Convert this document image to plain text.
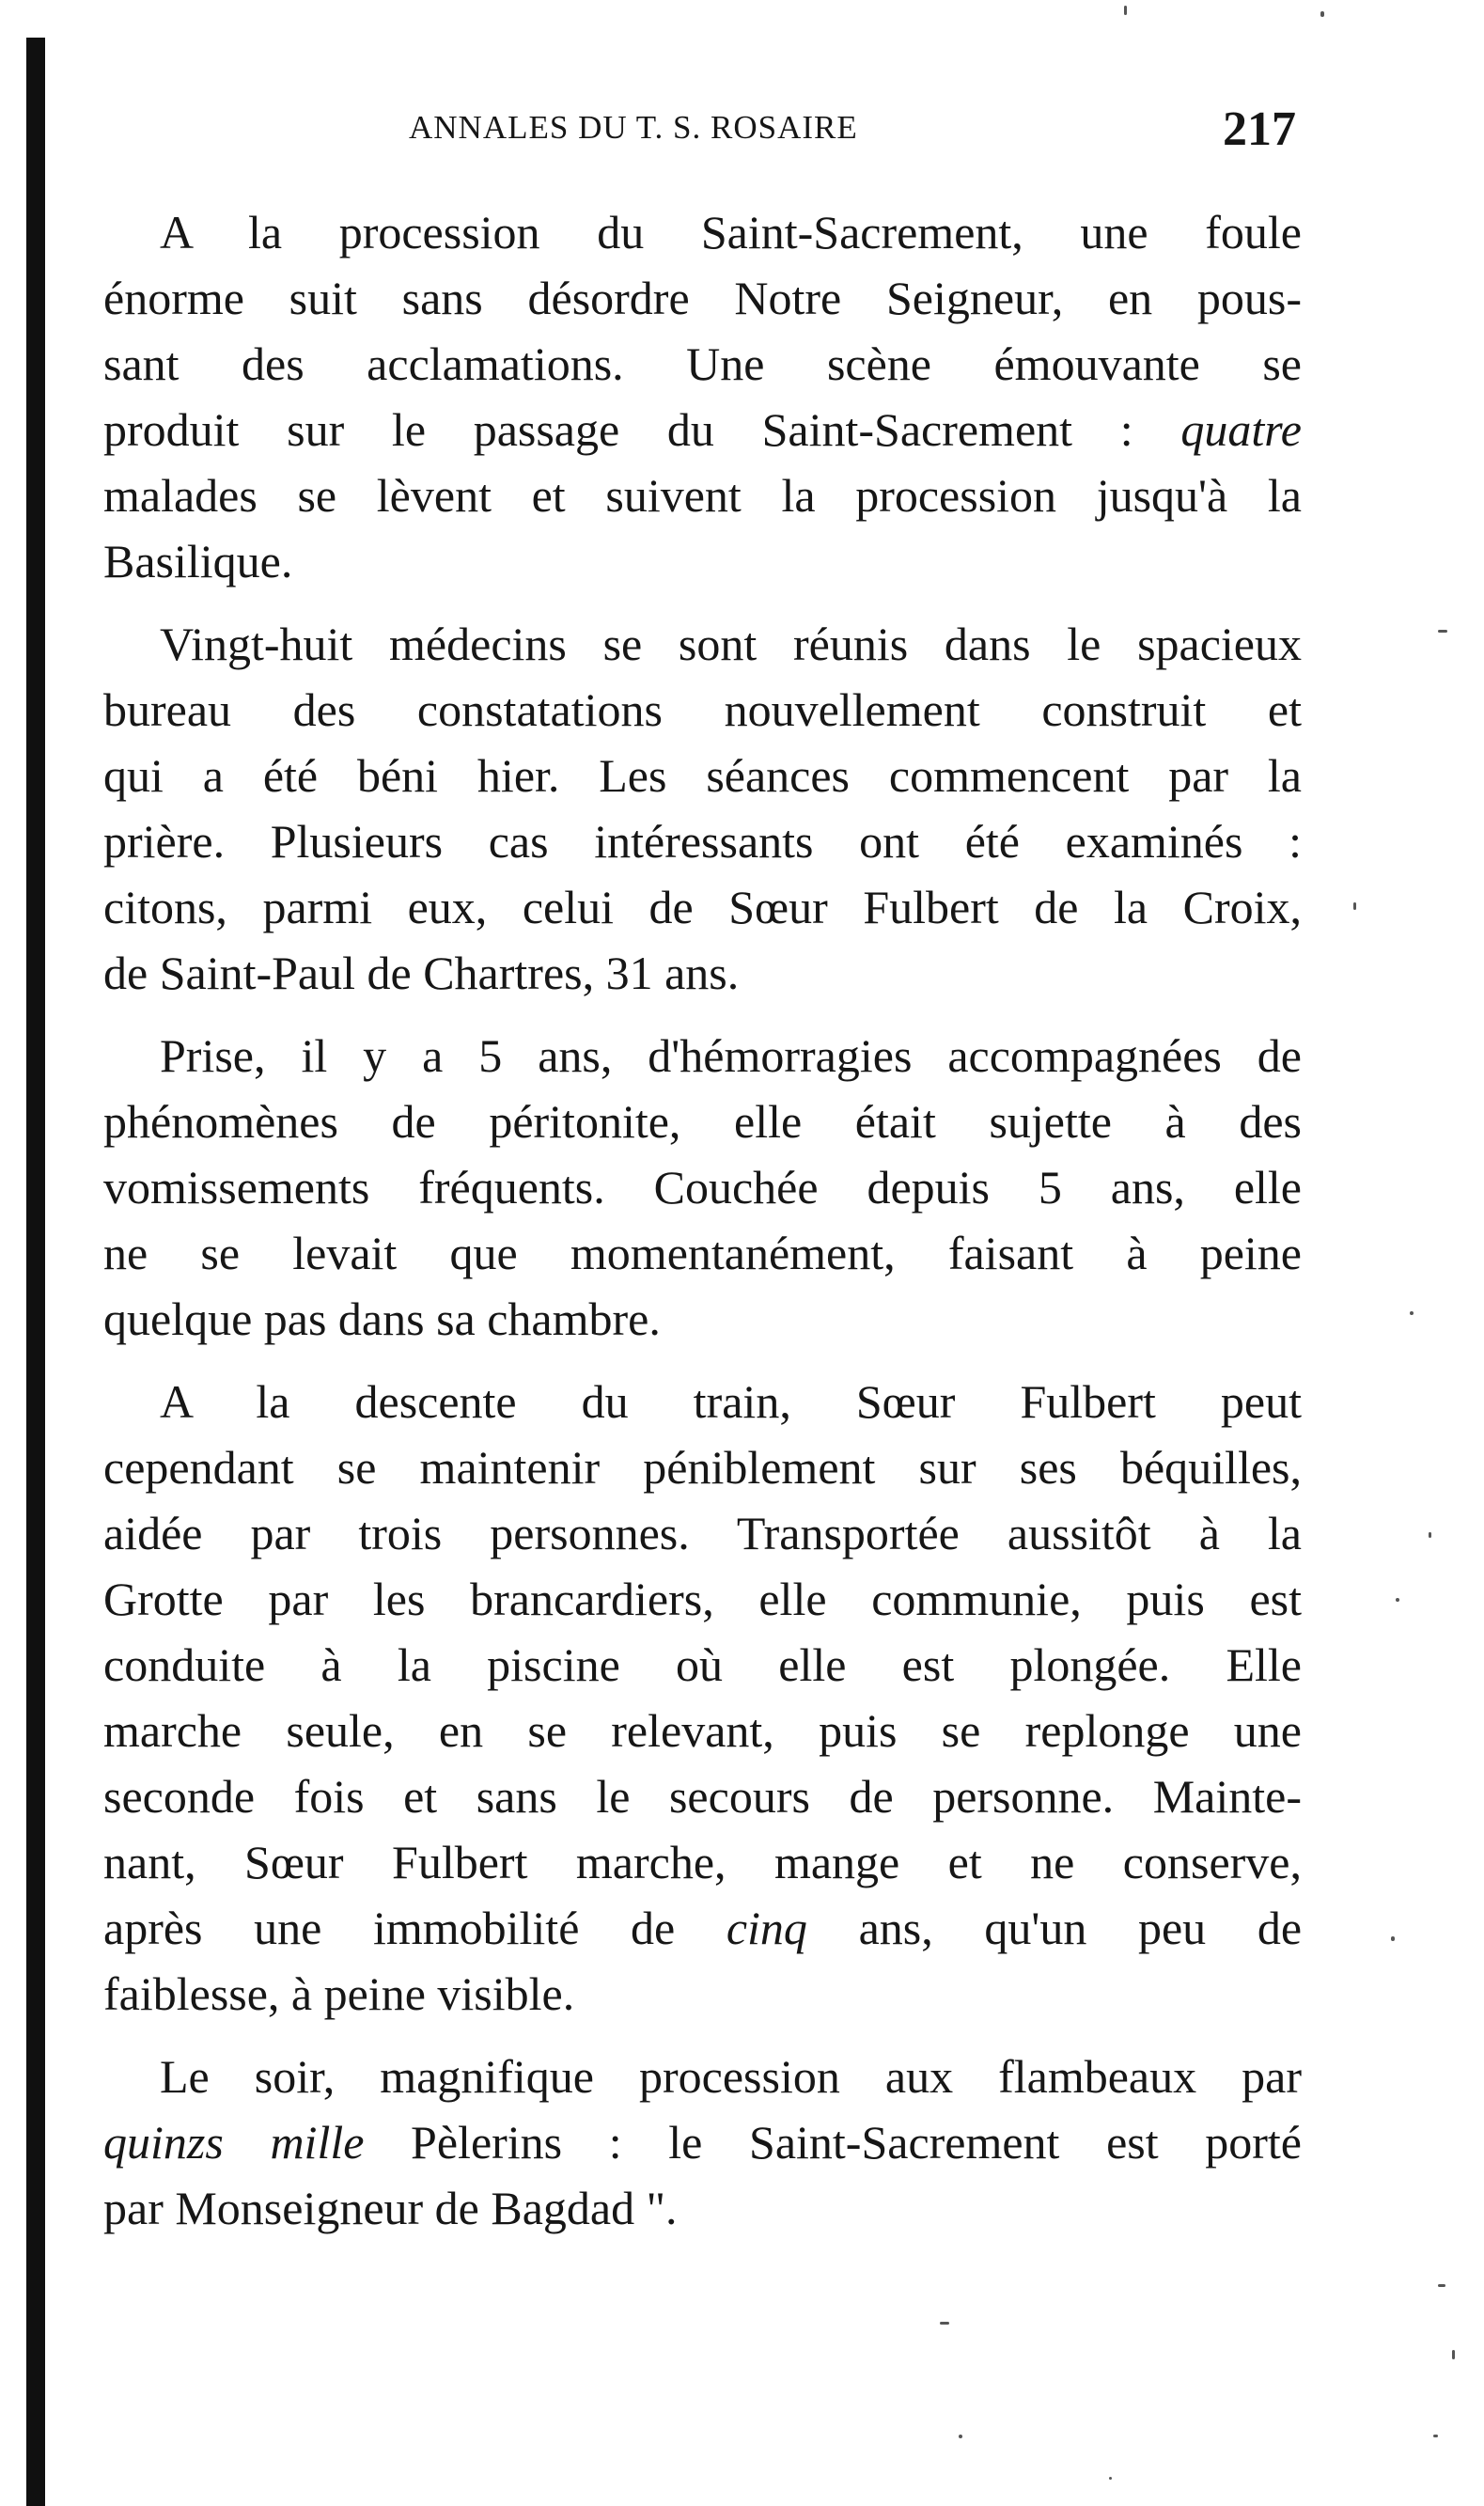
ANNALES DU T. S. ROSAIRE	217
A la procession du Saint-Sacrement, une foule
énorme suit sans désordre Notre Seigneur, en pous-
sant des acclamations. Une scène émouvante se
produit sur le passage du Saint-Sacrement : quatre
malades se lèvent et suivent la procession jusqu'à la
Basilique.
Vingt-huit médecins se sont réunis dans le spacieux
bureau des constatations nouvellement construit et
qui a été béni hier. Les séances commencent par la
prière. Plusieurs cas intéressants ont été examinés :
citons, parmi eux, celui de Sœur Fulbert de la Croix,
de Saint-Paul de Chartres, 31 ans.
Prise, il y a 5 ans, d'hémorragies accompagnées de
phénomènes de péritonite, elle était sujette à des
vomissements fréquents. Couchée depuis 5 ans, elle
ne se levait que momentanément, faisant à peine
quelque pas dans sa chambre.
A la descente du train, Sœur Fulbert peut
cependant se maintenir péniblement sur ses béquilles,
aidée par trois personnes. Transportée aussitôt à la
Grotte par les brancardiers, elle communie, puis est
conduite à la piscine où elle est plongée. Elle
marche seule, en se relevant, puis se replonge une
seconde fois et sans le secours de personne. Mainte-
nant, Sœur Fulbert marche, mange et ne conserve,
après une immobilité de cinq ans, qu'un peu de
faiblesse, à peine visible.
Le soir, magnifique procession aux flambeaux par
quinzs mille Pèlerins : le Saint-Sacrement est porté
par Monseigneur de Bagdad ".
